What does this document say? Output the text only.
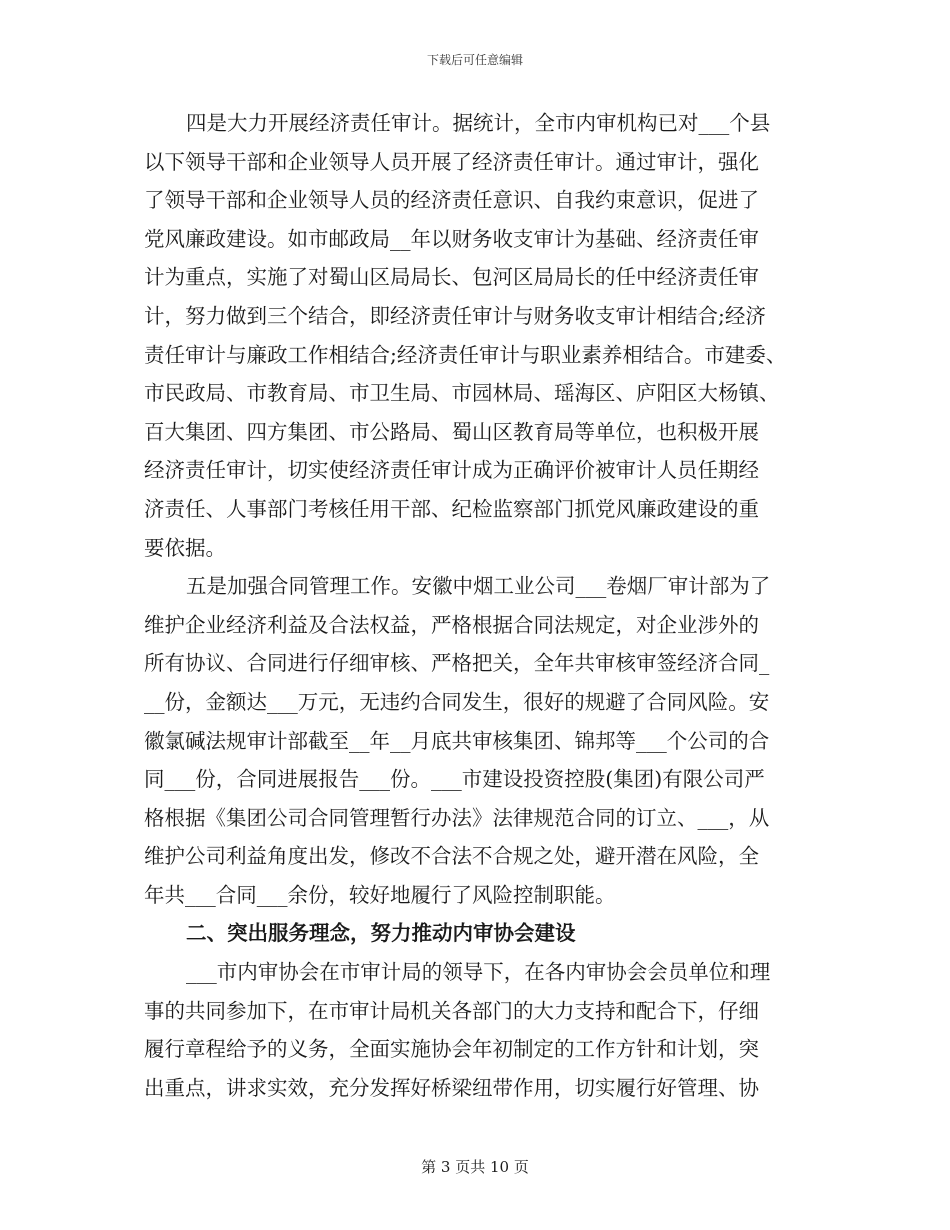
下载后可任意编辑
四是大力开展经济责任审计。据统计，全市内审机构已对___个县
以下领导干部和企业领导人员开展了经济责任审计。通过审计，强化
了领导干部和企业领导人员的经济责任意识、自我约束意识，促进了
党风廉政建设。如市邮政局__年以财务收支审计为基础、经济责任审
计为重点，实施了对蜀山区局局长、包河区局局长的任中经济责任审
计，努力做到三个结合，即经济责任审计与财务收支审计相结合;经济
责任审计与廉政工作相结合;经济责任审计与职业素养相结合。市建委、
市民政局、市教育局、市卫生局、市园林局、瑶海区、庐阳区大杨镇、
百大集团、四方集团、市公路局、蜀山区教育局等单位，也积极开展
经济责任审计，切实使经济责任审计成为正确评价被审计人员任期经
济责任、人事部门考核任用干部、纪检监察部门抓党风廉政建设的重
要依据。
五是加强合同管理工作。安徽中烟工业公司___卷烟厂审计部为了
维护企业经济利益及合法权益，严格根据合同法规定，对企业涉外的
所有协议、合同进行仔细审核、严格把关，全年共审核审签经济合同_
__份，金额达___万元，无违约合同发生，很好的规避了合同风险。安
徽氯碱法规审计部截至__年__月底共审核集团、锦邦等___个公司的合
同___份，合同进展报告___份。___市建设投资控股(集团)有限公司严
格根据《集团公司合同管理暂行办法》法律规范合同的订立、___，从
维护公司利益角度出发，修改不合法不合规之处，避开潜在风险，全
年共___合同___余份，较好地履行了风险控制职能。
二、突出服务理念，努力推动内审协会建设
___市内审协会在市审计局的领导下，在各内审协会会员单位和理
事的共同参加下，在市审计局机关各部门的大力支持和配合下，仔细
履行章程给予的义务，全面实施协会年初制定的工作方针和计划，突
出重点，讲求实效，充分发挥好桥梁纽带作用，切实履行好管理、协
第 3 页共 10 页
